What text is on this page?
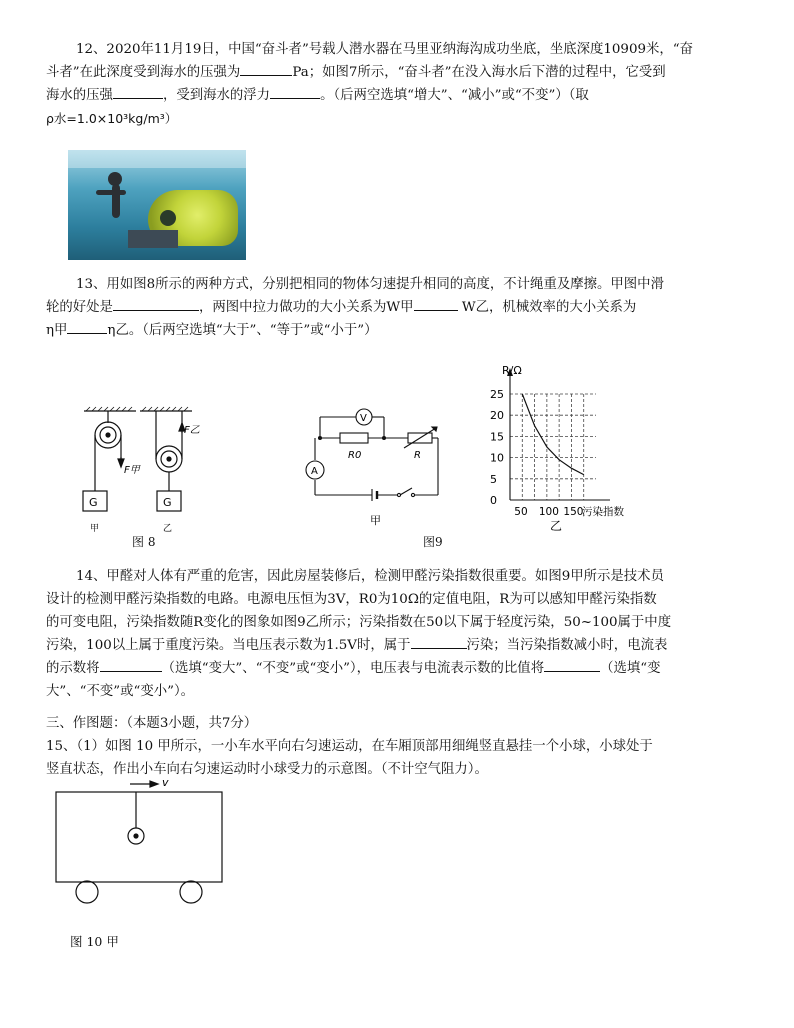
12、2020年11月19日，中国“奋斗者”号载人潜水器在马里亚纳海沟成功坐底，坐底深度10909米，“奋
斗者”在此深度受到海水的压强为	Pa；如图7所示，“奋斗者”在没入海水后下潜的过程中，它受到
海水的压强	，受到海水的浮力	。（后两空选填“增大”、“减小”或“不变”）（取
ρ水=1.0×10³kg/m³）
13、用如图8所示的两种方式，分别把相同的物体匀速提升相同的高度，不计绳重及摩擦。甲图中滑
轮的好处是	，两图中拉力做功的大小关系为W甲	W乙，机械效率的大小关系为
η甲	η乙。（后两空选填“大于”、“等于”或“小于”）
G	G
F甲
F乙
甲	乙
图 8
V
A
R0	R
甲
图9
0
5
10
15
20
25
50 100 150
R/Ω
污染指数
乙
14、甲醛对人体有严重的危害，因此房屋装修后，检测甲醛污染指数很重要。如图9甲所示是技术员
设计的检测甲醛污染指数的电路。电源电压恒为3V，R0为10Ω的定值电阻，R为可以感知甲醛污染指数
的可变电阻，污染指数随R变化的图象如图9乙所示；污染指数在50以下属于轻度污染，50~100属于中度
污染，100以上属于重度污染。当电压表示数为1.5V时，属于	污染；当污染指数减小时，电流表
的示数将	（选填“变大”、“不变”或“变小”），电压表与电流表示数的比值将	（选填“变
大”、“不变”或“变小”）。
三、作图题：（本题3小题，共7分）
15、（1）如图 10 甲所示，一小车水平向右匀速运动，在车厢顶部用细绳竖直悬挂一个小球，小球处于
竖直状态，作出小车向右匀速运动时小球受力的示意图。（不计空气阻力）。
v
图 10 甲
